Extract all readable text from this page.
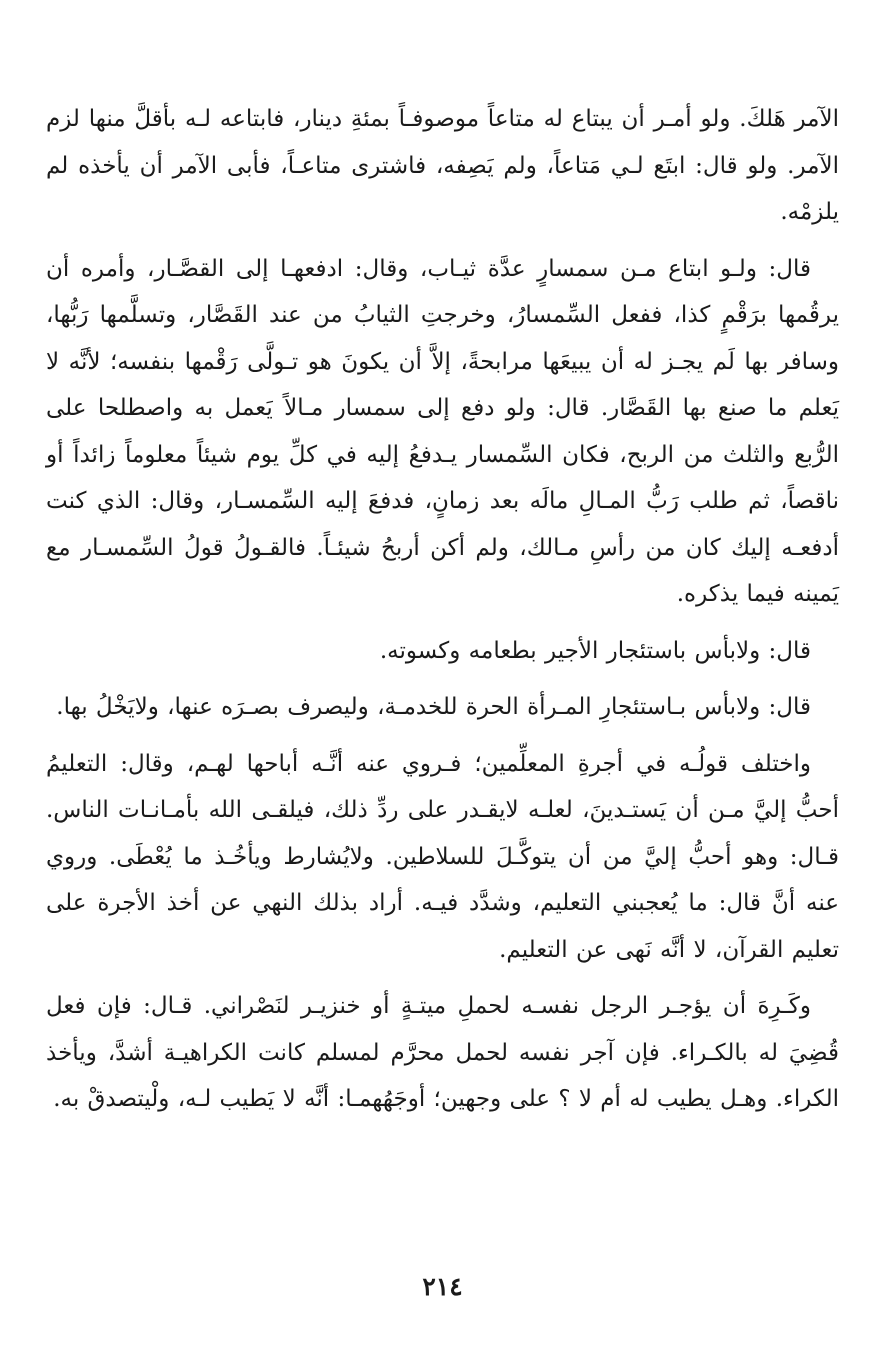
الآمر هَلكَ. ولو أمـر أن يبتاع له متاعاً موصوفـاً بمئةِ دينار، فابتاعه لـه بأقلَّ منها لزم الآمر. ولو قال: ابتَع لـي مَتاعاً، ولم يَصِفه، فاشترى متاعـاً، فأبى الآمر أن يأخذه لم يلزمْه.

قال: ولـو ابتاع مـن سمسارٍ عدَّة ثيـاب، وقال: ادفعهـا إلى القصَّـار، وأمره أن يرقُمها برَقْمٍ كذا، ففعل السِّمسارُ، وخرجتِ الثيابُ من عند القَصَّار، وتسلَّمها رَبُّها، وسافر بها لَم يجـز له أن يبيعَها مرابحةً، إلاَّ أن يكونَ هو تـولَّى رَقْمها بنفسه؛ لأنَّه لا يَعلم ما صنع بها القَصَّار. قال: ولو دفع إلى سمسار مـالاً يَعمل به واصطلحا على الرُّبع والثلث من الربح، فكان السِّمسار يـدفعُ إليه في كلِّ يوم شيئاً معلوماً زائداً أو ناقصاً، ثم طلب رَبُّ المـالِ مالَه بعد زمانٍ، فدفعَ إليه السِّمسـار، وقال: الذي كنت أدفعـه إليك كان من رأسِ مـالك، ولم أكن أربحُ شيئـاً. فالقـولُ قولُ السِّمسـار مع يَمينه فيما يذكره.

قال: ولابأس باستئجار الأجير بطعامه وكسوته.

قال: ولابأس بـاستئجارِ المـرأة الحرة للخدمـة، وليصرف بصـرَه عنها، ولايَخْلُ بها.

واختلف قولُـه في أجرةِ المعلِّمين؛ فـروي عنه أنَّـه أباحها لهـم، وقال: التعليمُ أحبُّ إليَّ مـن أن يَستـدينَ، لعلـه لايقـدر على ردِّ ذلك، فيلقـى الله بأمـانـات الناس. قـال: وهو أحبُّ إليَّ من أن يتوكَّـلَ للسلاطين. ولايُشارط ويأخُـذ ما يُعْطَى. وروي عنه أنَّ قال: ما يُعجبني التعليم، وشدَّد فيـه. أراد بذلك النهي عن أخذ الأجرة على تعليم القرآن، لا أنَّه نَهى عن التعليم.

وكَـرِهَ أن يؤجـر الرجل نفسـه لحملِ ميتـةٍ أو خنزيـر لنَصْراني. قـال: فإن فعل قُضِيَ له بالكـراء. فإن آجر نفسه لحمل محرَّم لمسلم كانت الكراهيـة أشدَّ، ويأخذ الكراء. وهـل يطيب له أم لا ؟ على وجهين؛ أوجَهُهمـا: أنَّه لا يَطيب لـه، ولْيتصدقْ به.

٢١٤
